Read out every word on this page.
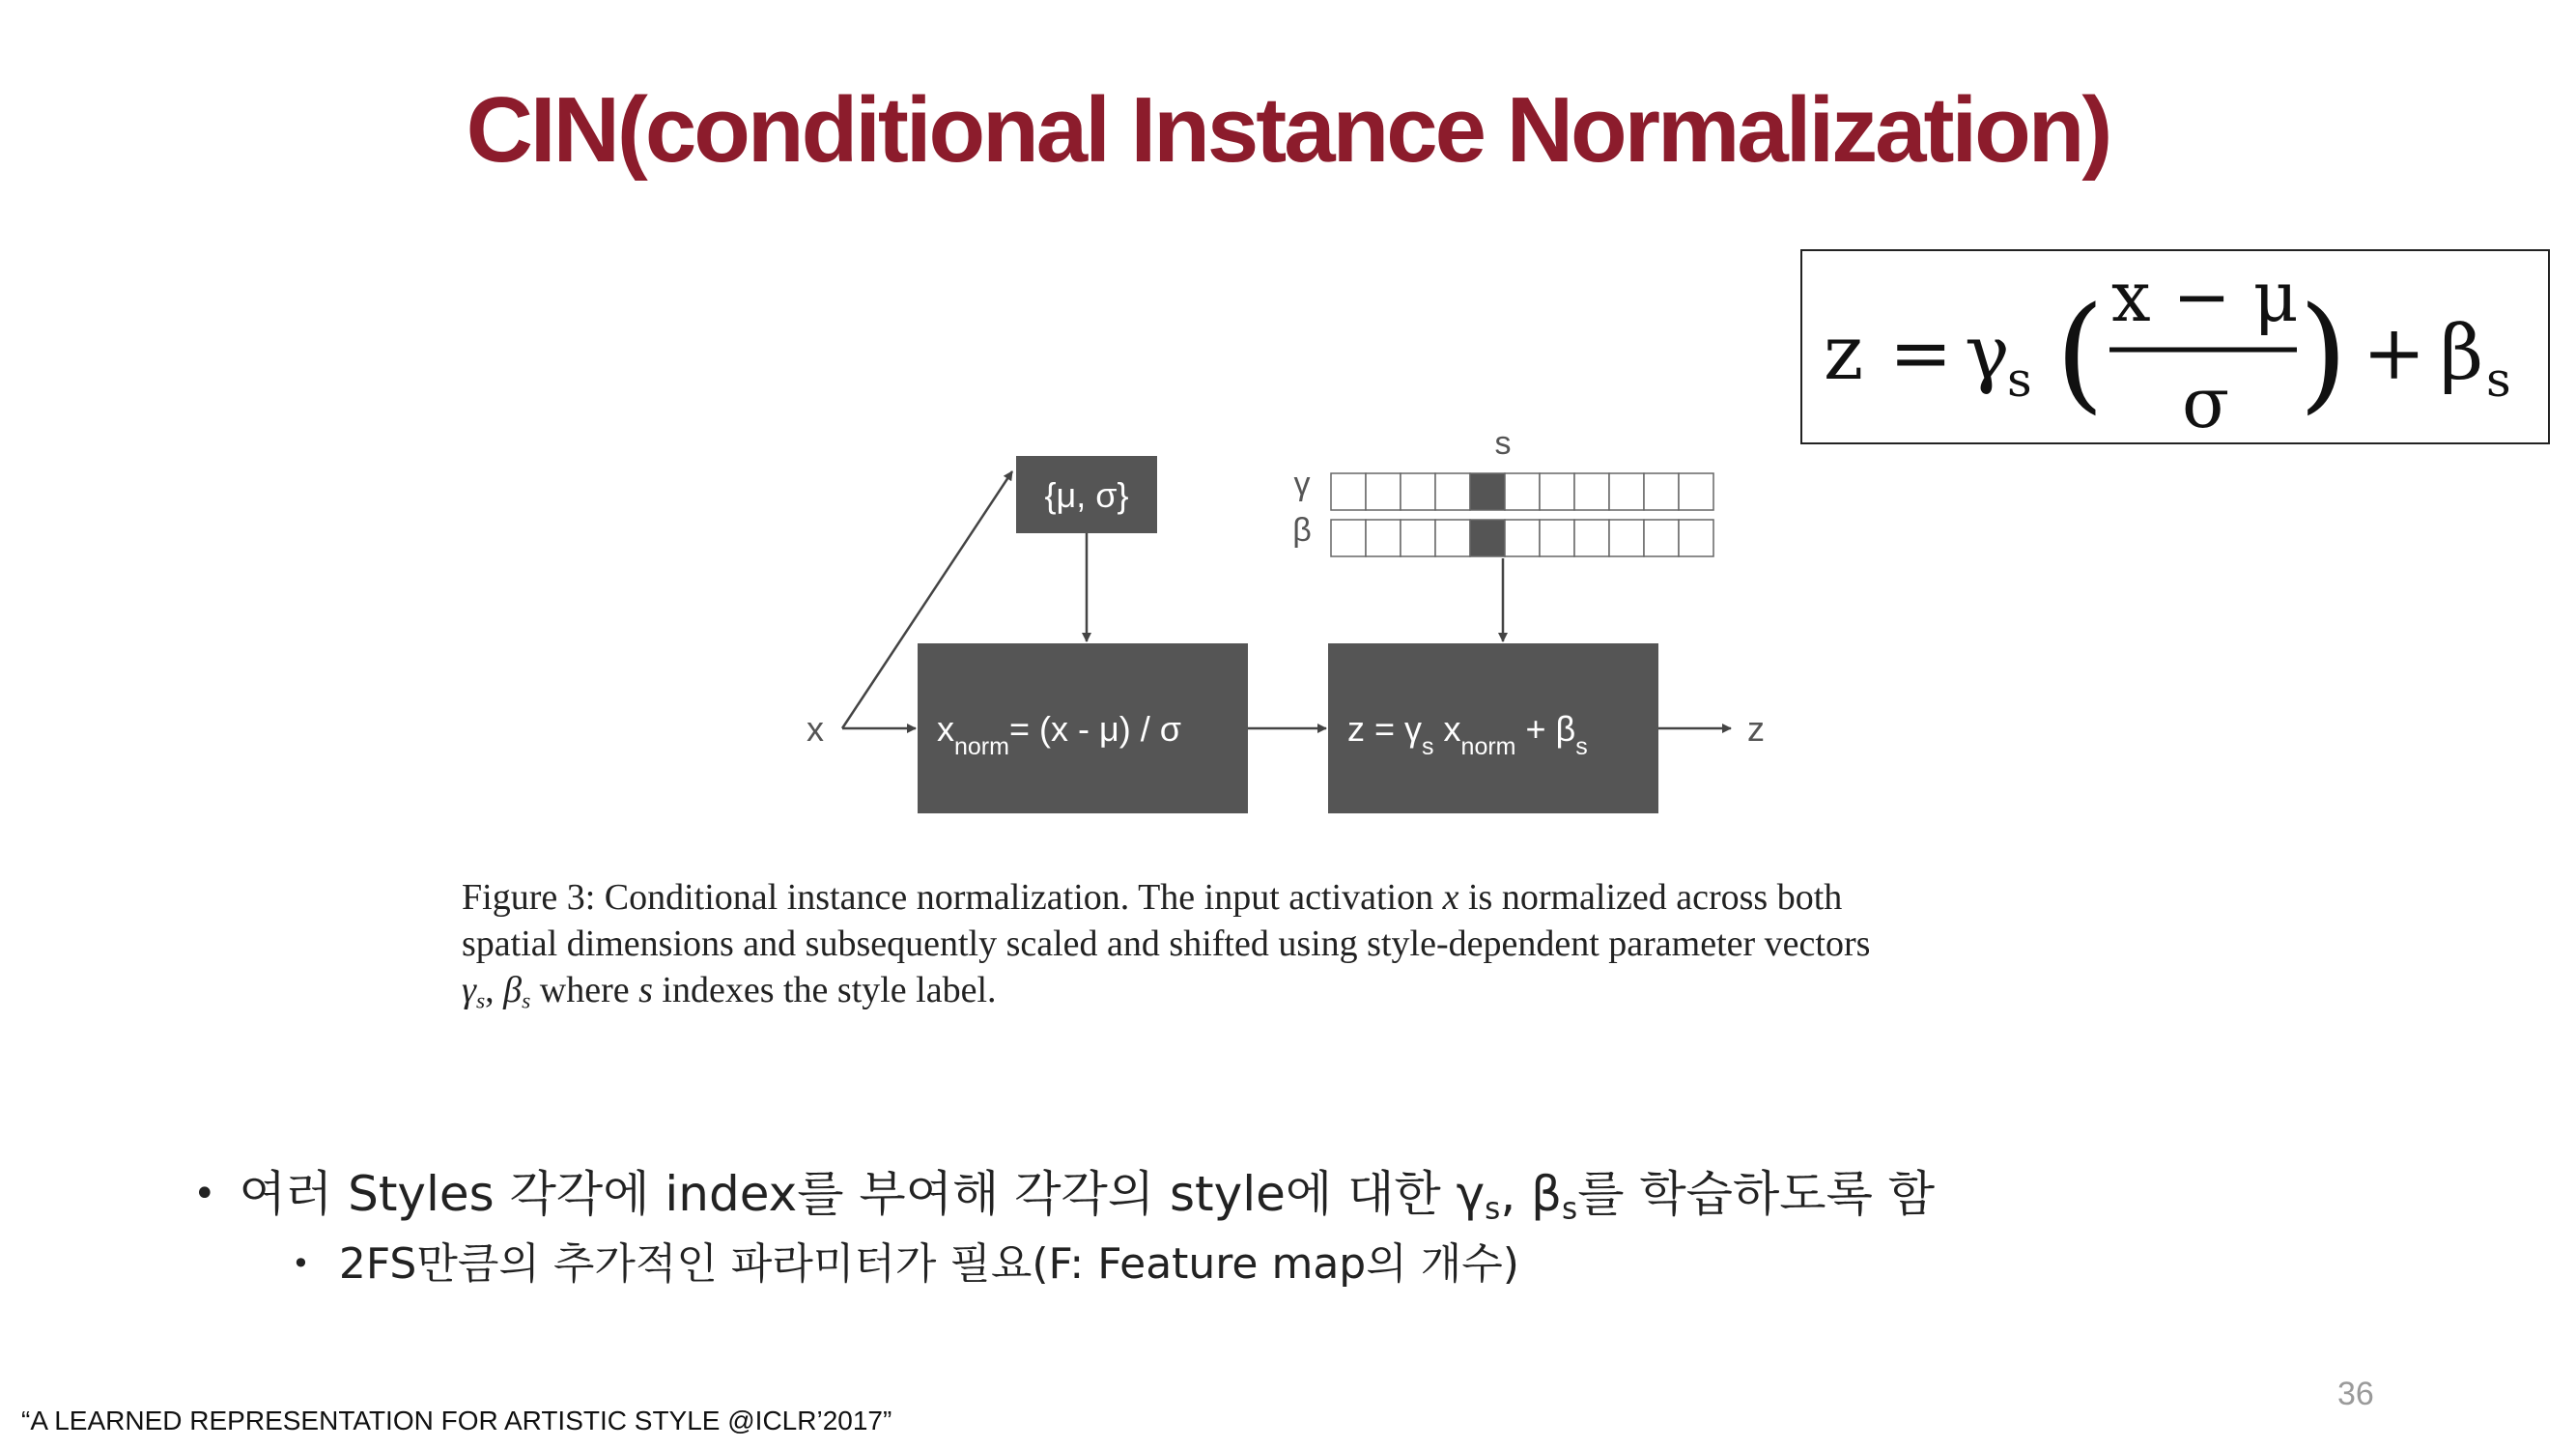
CIN(conditional Instance Normalization)
z = γ
s ( x − μ
σ ) + β s
{μ, σ}
x	$x_{norm}= (x - \mu) / \sigma$
s
γ
β
$z = \gamma_s$ $x_{norm} + \beta_s$	z
Figure 3: Conditional instance normalization. The input activation x is normalized across both
spatial dimensions and subsequently scaled and shifted using style-dependent parameter vectors
$\gamma_s$, $\beta_s$ where s indexes the style label.
• 여러 Styles 각각에 index를 부여해 각각의 style에 대한 $\gamma_s$, $\beta_s$를 학습하도록 함
• 2FS만큼의 추가적인 파라미터가 필요(F: Feature map의 개수)
36
“A LEARNED REPRESENTATION FOR ARTISTIC STYLE @ICLR’2017”
